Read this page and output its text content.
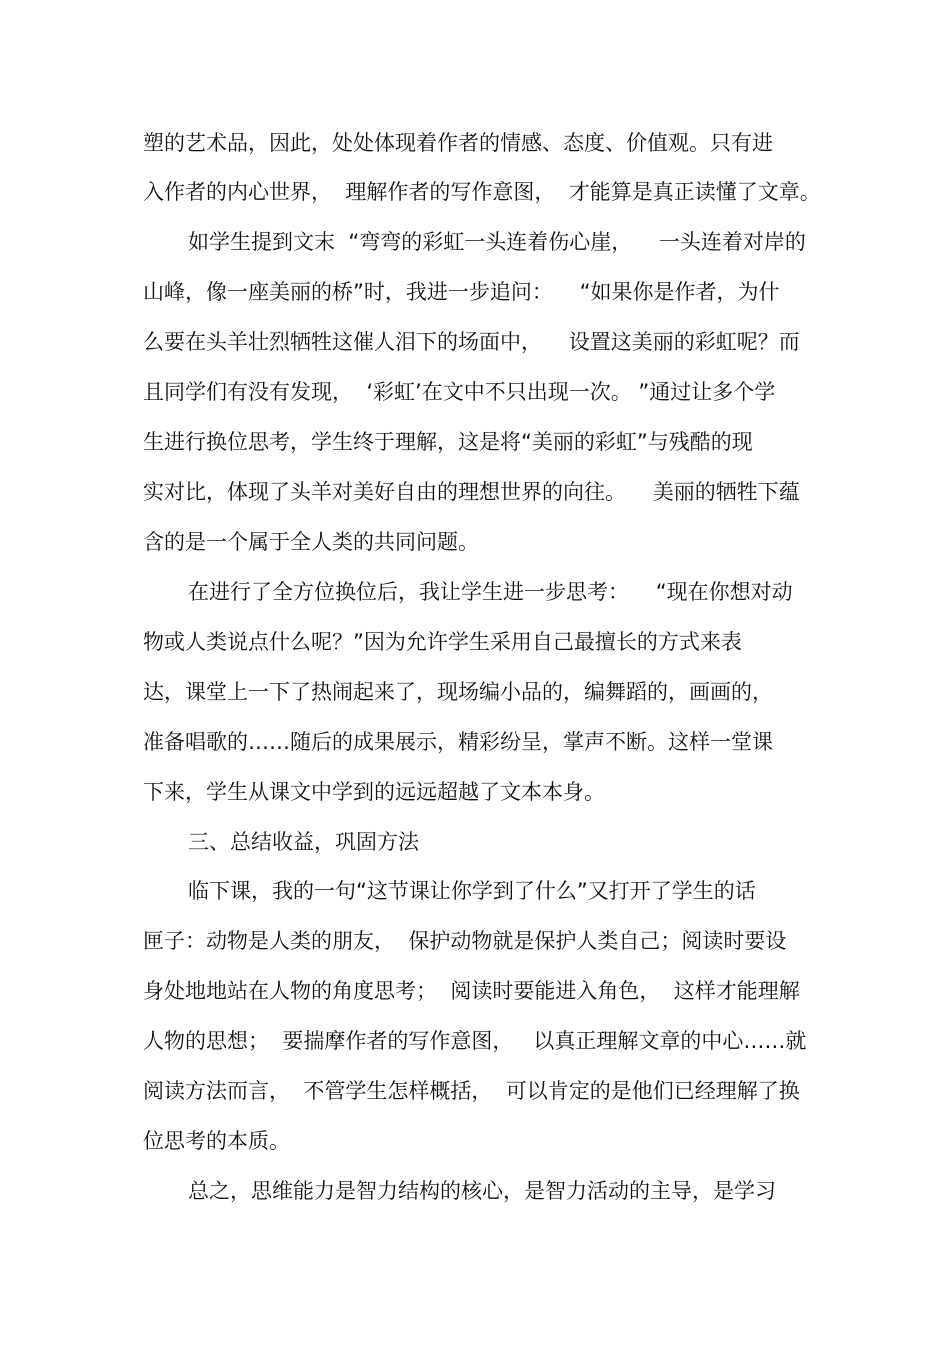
塑的艺术品，因此，处处体现着作者的情感、态度、价值观。只有进
入作者的内心世界，  理解作者的写作意图，  才能算是真正读懂了文章。
如学生提到文末  “弯弯的彩虹一头连着伤心崖，    一头连着对岸的
山峰，像一座美丽的桥”时，我进一步追问：    “如果你是作者，为什
么要在头羊壮烈牺牲这催人泪下的场面中，    设置这美丽的彩虹呢？而
且同学们有没有发现，  ‘彩虹’在文中不只出现一次。 ”通过让多个学
生进行换位思考，学生终于理解，这是将“美丽的彩虹”与残酷的现
实对比，体现了头羊对美好自由的理想世界的向往。    美丽的牺牲下蕴
含的是一个属于全人类的共同问题。
在进行了全方位换位后，我让学生进一步思考：    “现在你想对动
物或人类说点什么呢？”因为允许学生采用自己最擅长的方式来表
达，课堂上一下了热闹起来了，现场编小品的，编舞蹈的，画画的，
准备唱歌的……随后的成果展示，精彩纷呈，掌声不断。这样一堂课
下来，学生从课文中学到的远远超越了文本本身。
三、总结收益，巩固方法
临下课，我的一句“这节课让你学到了什么”又打开了学生的话
匣子：动物是人类的朋友，  保护动物就是保护人类自己；阅读时要设
身处地地站在人物的角度思考；  阅读时要能进入角色，  这样才能理解
人物的思想；  要揣摩作者的写作意图，   以真正理解文章的中心……就
阅读方法而言，  不管学生怎样概括，  可以肯定的是他们已经理解了换
位思考的本质。
总之，思维能力是智力结构的核心，是智力活动的主导，是学习
